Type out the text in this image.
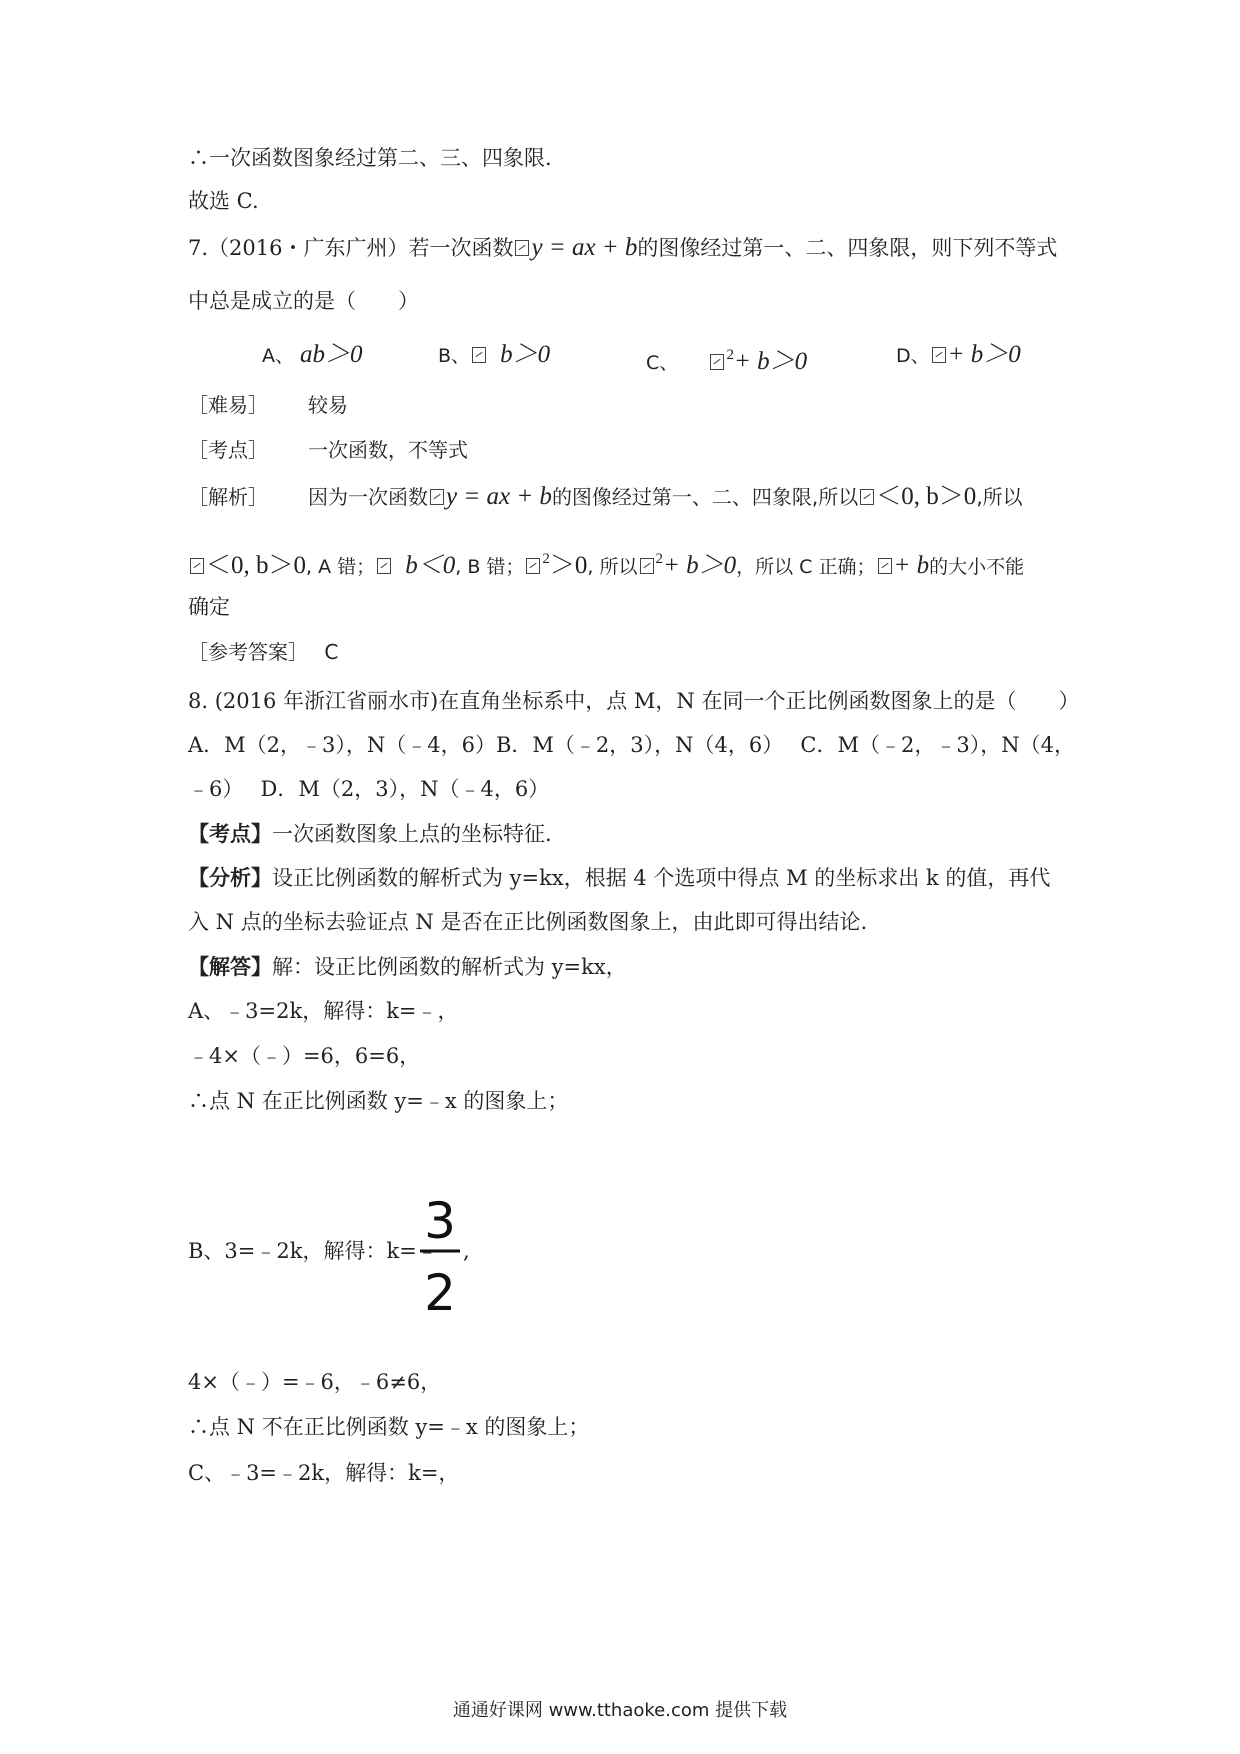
∴一次函数图象经过第二、三、四象限.
故选 C.
7.（2016・广东广州）若一次函数 y = ax + b的图像经过第一、二、四象限，则下列不等式
中总是成立的是（　　）
A、 ab＞0	B、 b＞0	C、	$^2$+ b＞0	D、 + b＞0
［难易］ 较易
［考点］ 一次函数，不等式
［解析］ 因为一次函数 y = ax + b的图像经过第一、二、四象限,所以 ＜0, b＞0,所以
＜0, b＞0, A 错； b＜0, B 错； $^2$＞0, 所以 $^2$+ b＞0，所以 C 正确； + b的大小不能
确定
［参考答案］ C
8. (2016 年浙江省丽水市)在直角坐标系中，点 M，N 在同一个正比例函数图象上的是（　　）
A．M（2，﹣3），N（﹣4，6）B．M（﹣2，3），N（4，6）　 C．M（﹣2，﹣3），N（4，
﹣6）　 D．M（2，3），N（﹣4，6）
【考点】一次函数图象上点的坐标特征.
【分析】设正比例函数的解析式为 y=kx，根据 4 个选项中得点 M 的坐标求出 k 的值，再代
入 N 点的坐标去验证点 N 是否在正比例函数图象上，由此即可得出结论.
【解答】解：设正比例函数的解析式为 y=kx，
A、﹣3=2k，解得：k=﹣，
﹣4×（﹣）=6，6=6，
∴点 N 在正比例函数 y=﹣x 的图象上；
B、3=﹣2k，解得：k=﹣
3
2
,
4×（﹣）=﹣6，﹣6≠6，
∴点 N 不在正比例函数 y=﹣x 的图象上；
C、﹣3=﹣2k，解得：k=，
通通好课网 www.tthaoke.com 提供下载
